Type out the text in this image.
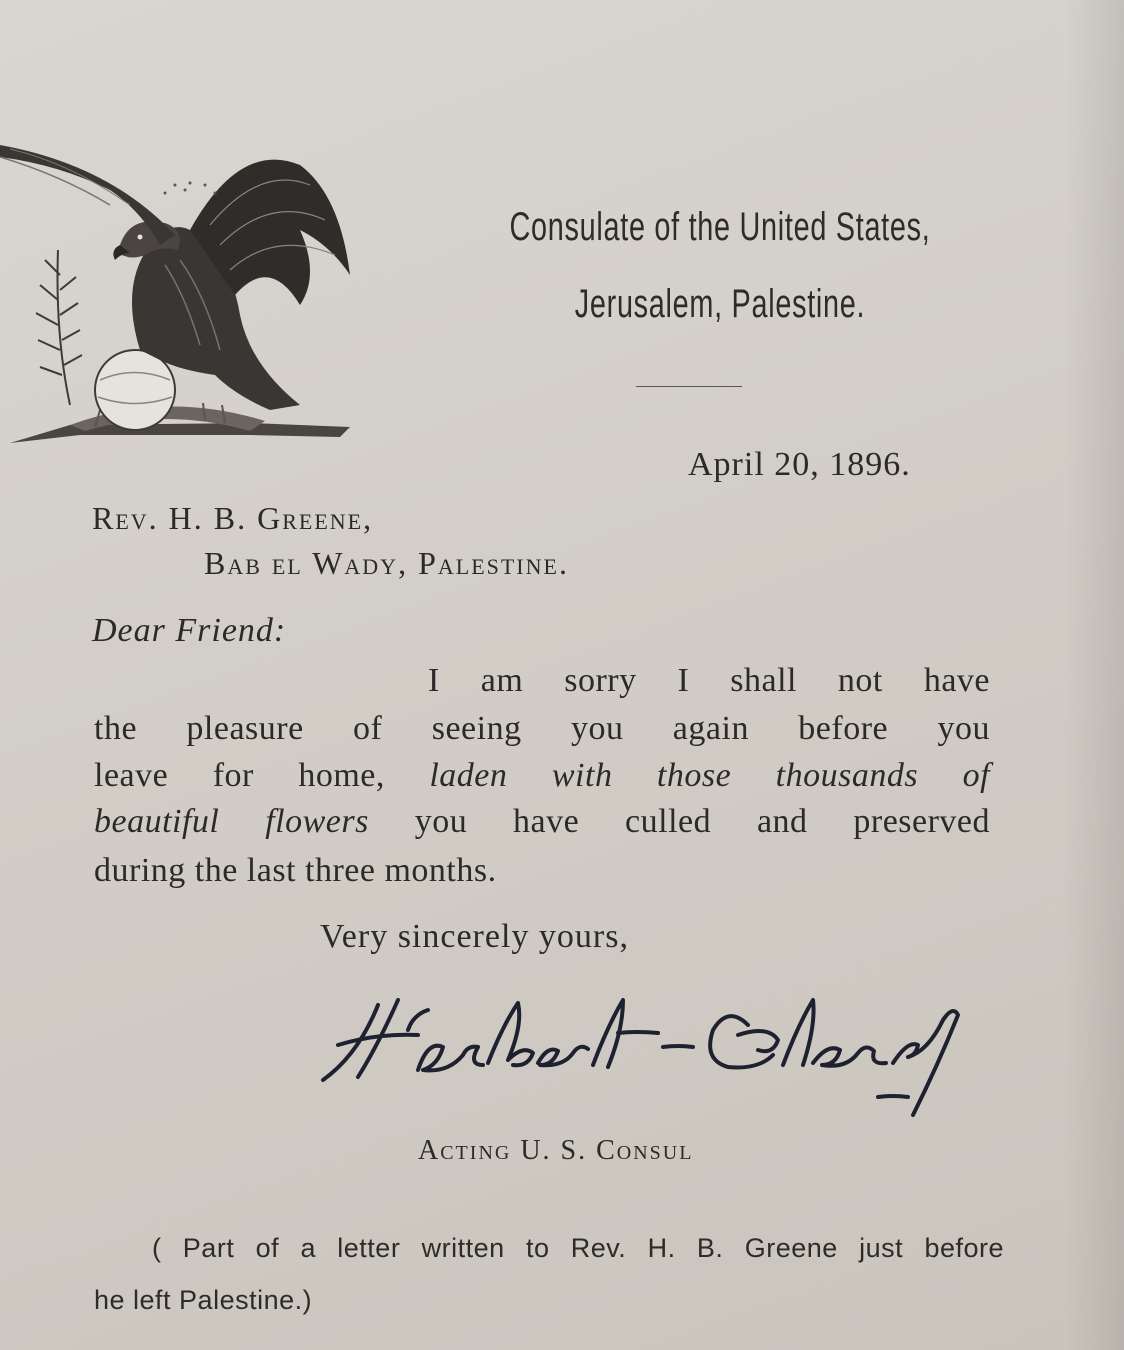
Consulate of the United States,
Jerusalem, Palestine.
April 20, 1896.
Rev. H. B. Greene,
Bab el Wady, Palestine.
Dear Friend:
I am sorry I shall not have
the pleasure of seeing you again before you
leave for home, laden with those thousands of
beautiful flowers you have culled and preserved
during the last three months.
Very sincerely yours,
Acting U. S. Consul
( Part of a letter written to Rev. H. B. Greene just before
he left Palestine.)
